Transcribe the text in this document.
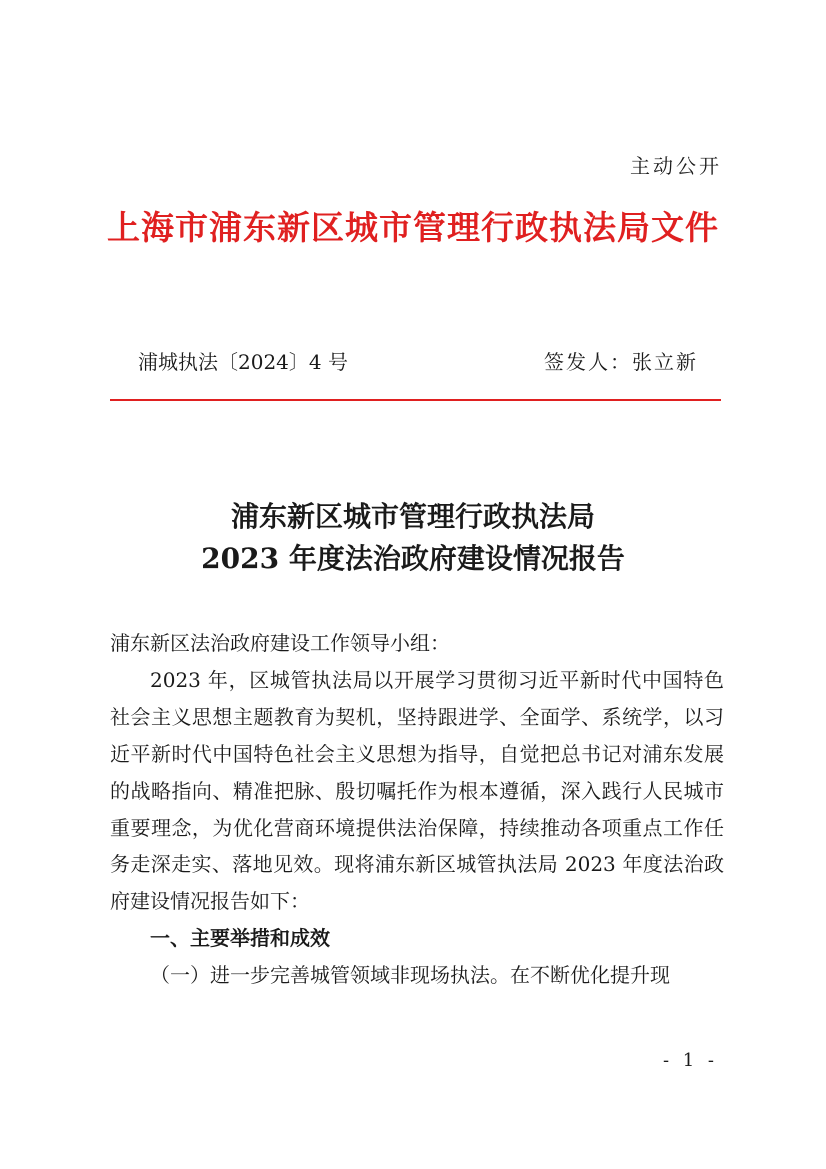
主动公开
上海市浦东新区城市管理行政执法局文件
浦城执法〔2024〕4 号	签发人：张立新
浦东新区城市管理行政执法局
2023 年度法治政府建设情况报告

浦东新区法治政府建设工作领导小组：

2023 年，区城管执法局以开展学习贯彻习近平新时代中国特色社会主义思想主题教育为契机，坚持跟进学、全面学、系统学，以习近平新时代中国特色社会主义思想为指导，自觉把总书记对浦东发展的战略指向、精准把脉、殷切嘱托作为根本遵循，深入践行人民城市重要理念，为优化营商环境提供法治保障，持续推动各项重点工作任务走深走实、落地见效。现将浦东新区城管执法局 2023 年度法治政府建设情况报告如下：

一、主要举措和成效

（一）进一步完善城管领域非现场执法。在不断优化提升现

- 1 -
